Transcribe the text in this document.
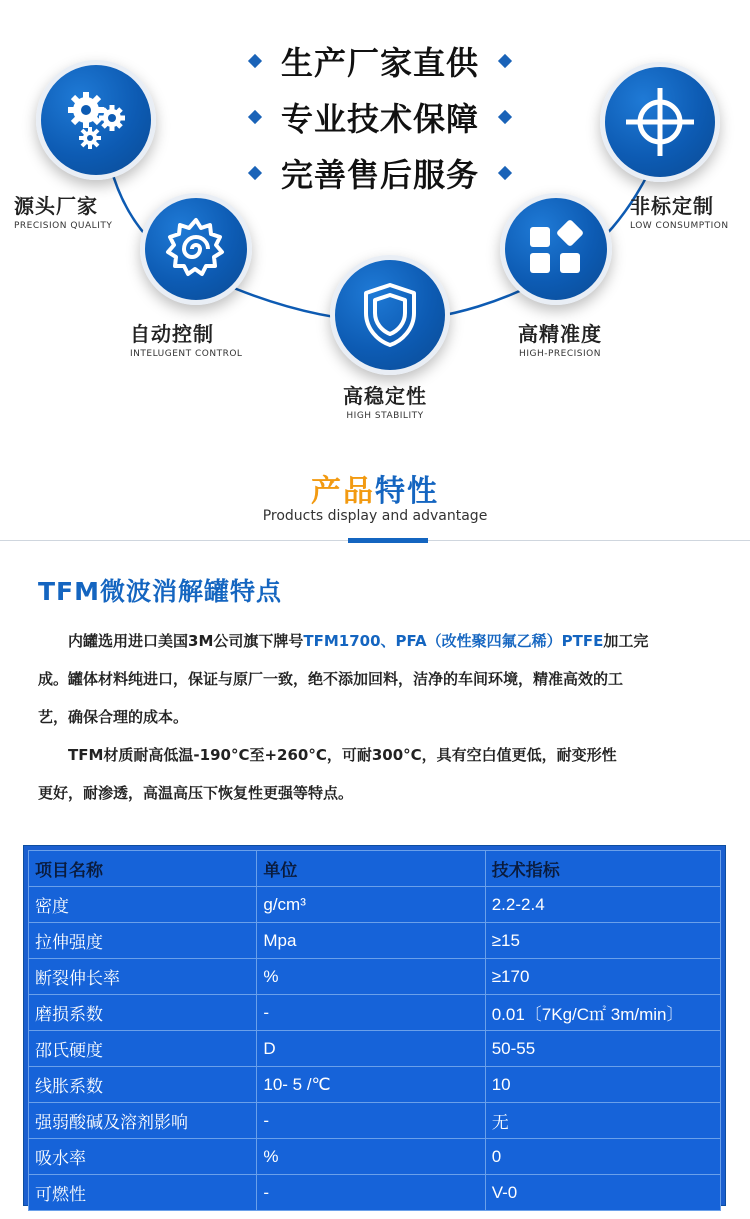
生产厂家直供
专业技术保障
完善售后服务
源头厂家
PRECISION QUALITY
自动控制
INTELUGENT CONTROL
高稳定性
HIGH STABILITY
高精准度
HIGH-PRECISION
非标定制
LOW CONSUMPTION
产品特性
Products display and advantage
TFM微波消解罐特点
内罐选用进口美国3M公司旗下牌号TFM1700、PFA（改性聚四氟乙稀）PTFE加工完
成。罐体材料纯进口，保证与原厂一致，绝不添加回料，洁净的车间环境，精准高效的工
艺，确保合理的成本。
TFM材质耐高低温-190°C至+260°C，可耐300°C，具有空白值更低，耐变形性
更好，耐渗透，高温高压下恢复性更强等特点。
项目名称	单位	技术指标
密度	g/cm³	2.2-2.4
拉伸强度	Mpa	≥15
断裂伸长率	%	≥170
磨损系数	-	0.01〔7Kg/C㎡ 3m/min〕
邵氏硬度	D	50-55
线胀系数	10- 5 /℃	10
强弱酸碱及溶剂影响	-	无
吸水率	%	0
可燃性	-	V-0
